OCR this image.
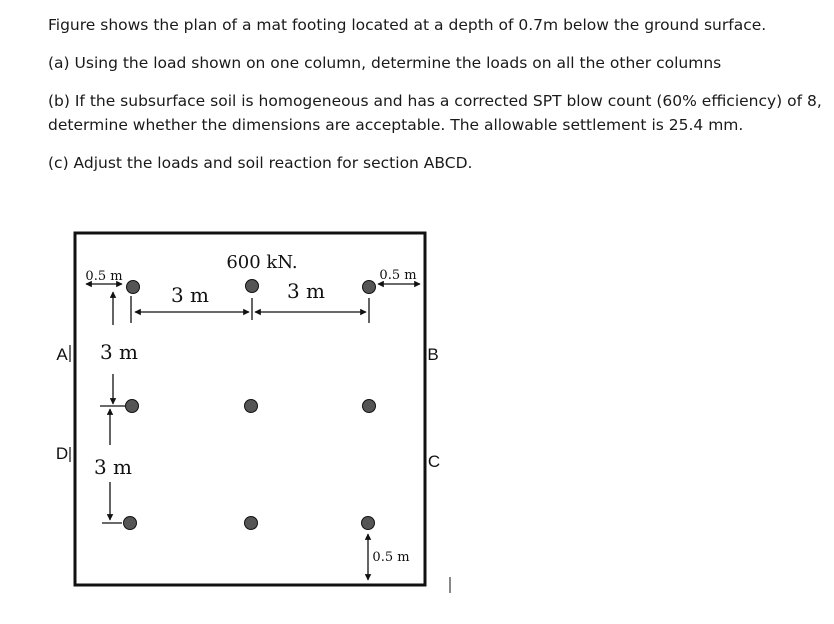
Figure shows the plan of a mat footing located at a depth of 0.7m below the ground surface.

(a) Using the load shown on one column, determine the loads on all the other columns

(b) If the subsurface soil is homogeneous and has a corrected SPT blow count (60% efficiency) of 8,

determine whether the dimensions are acceptable. The allowable settlement is 25.4 mm.

(c) Adjust the loads and soil reaction for section ABCD.

600 kN.
0.5 m	0.5 m
3 m	3 m
3 m
3 m
0.5 m
A	B
D	C
